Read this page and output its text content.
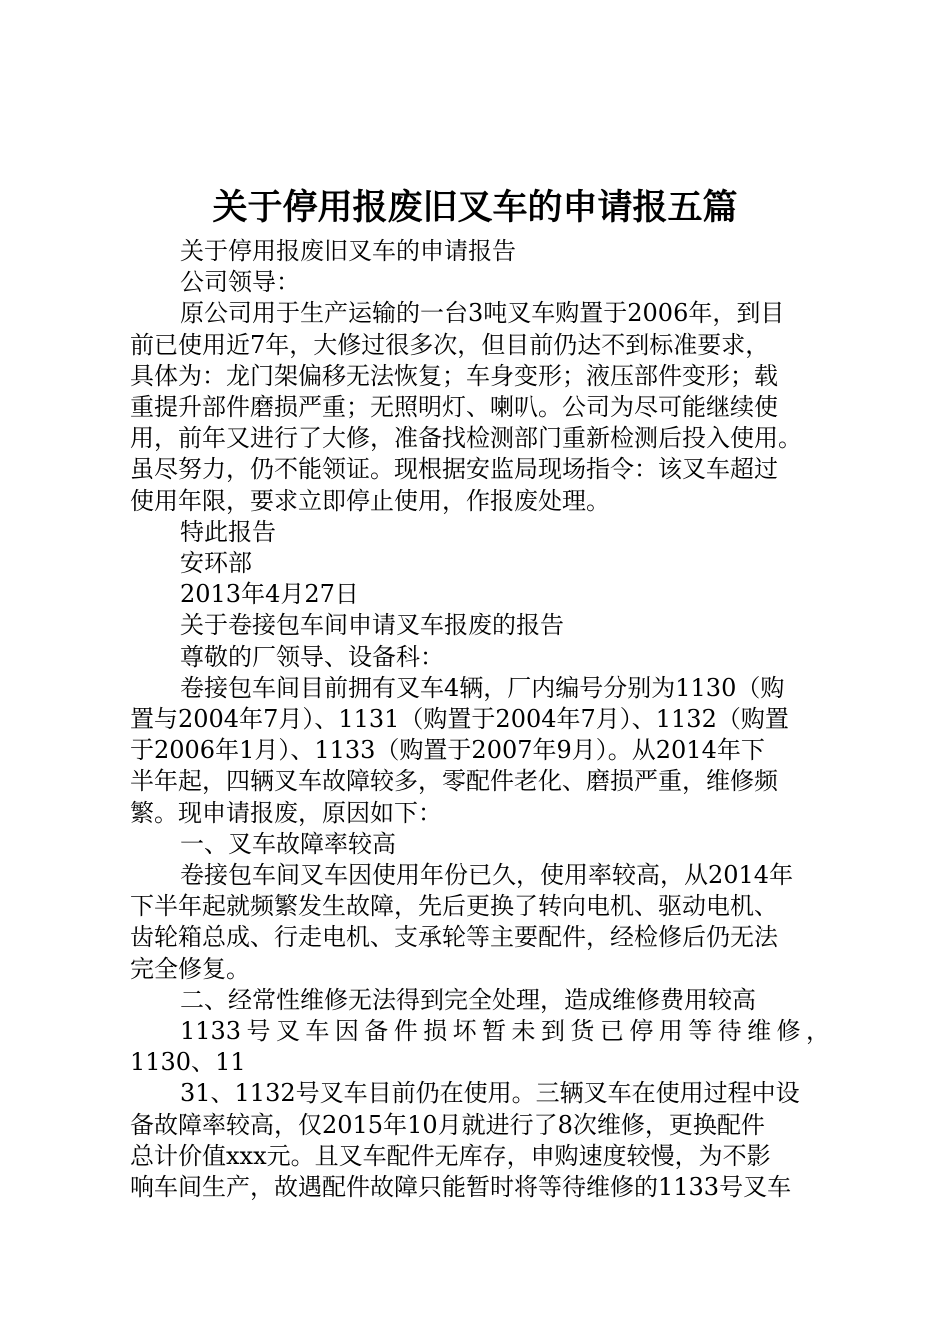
关于停用报废旧叉车的申请报五篇

关于停用报废旧叉车的申请报告

公司领导：

原公司用于生产运输的一台3吨叉车购置于2006年，到目

前已使用近7年，大修过很多次，但目前仍达不到标准要求，

具体为：龙门架偏移无法恢复；车身变形；液压部件变形；载

重提升部件磨损严重；无照明灯、喇叭。公司为尽可能继续使

用，前年又进行了大修，准备找检测部门重新检测后投入使用。

虽尽努力，仍不能领证。现根据安监局现场指令：该叉车超过

使用年限，要求立即停止使用，作报废处理。

特此报告

安环部

2013年4月27日

关于卷接包车间申请叉车报废的报告

尊敬的厂领导、设备科：

卷接包车间目前拥有叉车4辆，厂内编号分别为1130（购

置与2004年7月）、1131（购置于2004年7月）、1132（购置

于2006年1月）、1133（购置于2007年9月）。从2014年下

半年起，四辆叉车故障较多，零配件老化、磨损严重，维修频

繁。现申请报废，原因如下：

一、叉车故障率较高

卷接包车间叉车因使用年份已久，使用率较高，从2014年

下半年起就频繁发生故障，先后更换了转向电机、驱动电机、

齿轮箱总成、行走电机、支承轮等主要配件，经检修后仍无法

完全修复。

二、经常性维修无法得到完全处理，造成维修费用较高

1133号叉车因备件损坏暂未到货已停用等待维修，

1130、11

31、1132号叉车目前仍在使用。三辆叉车在使用过程中设

备故障率较高，仅2015年10月就进行了8次维修，更换配件

总计价值xxx元。且叉车配件无库存，申购速度较慢，为不影

响车间生产，故遇配件故障只能暂时将等待维修的1133号叉车
